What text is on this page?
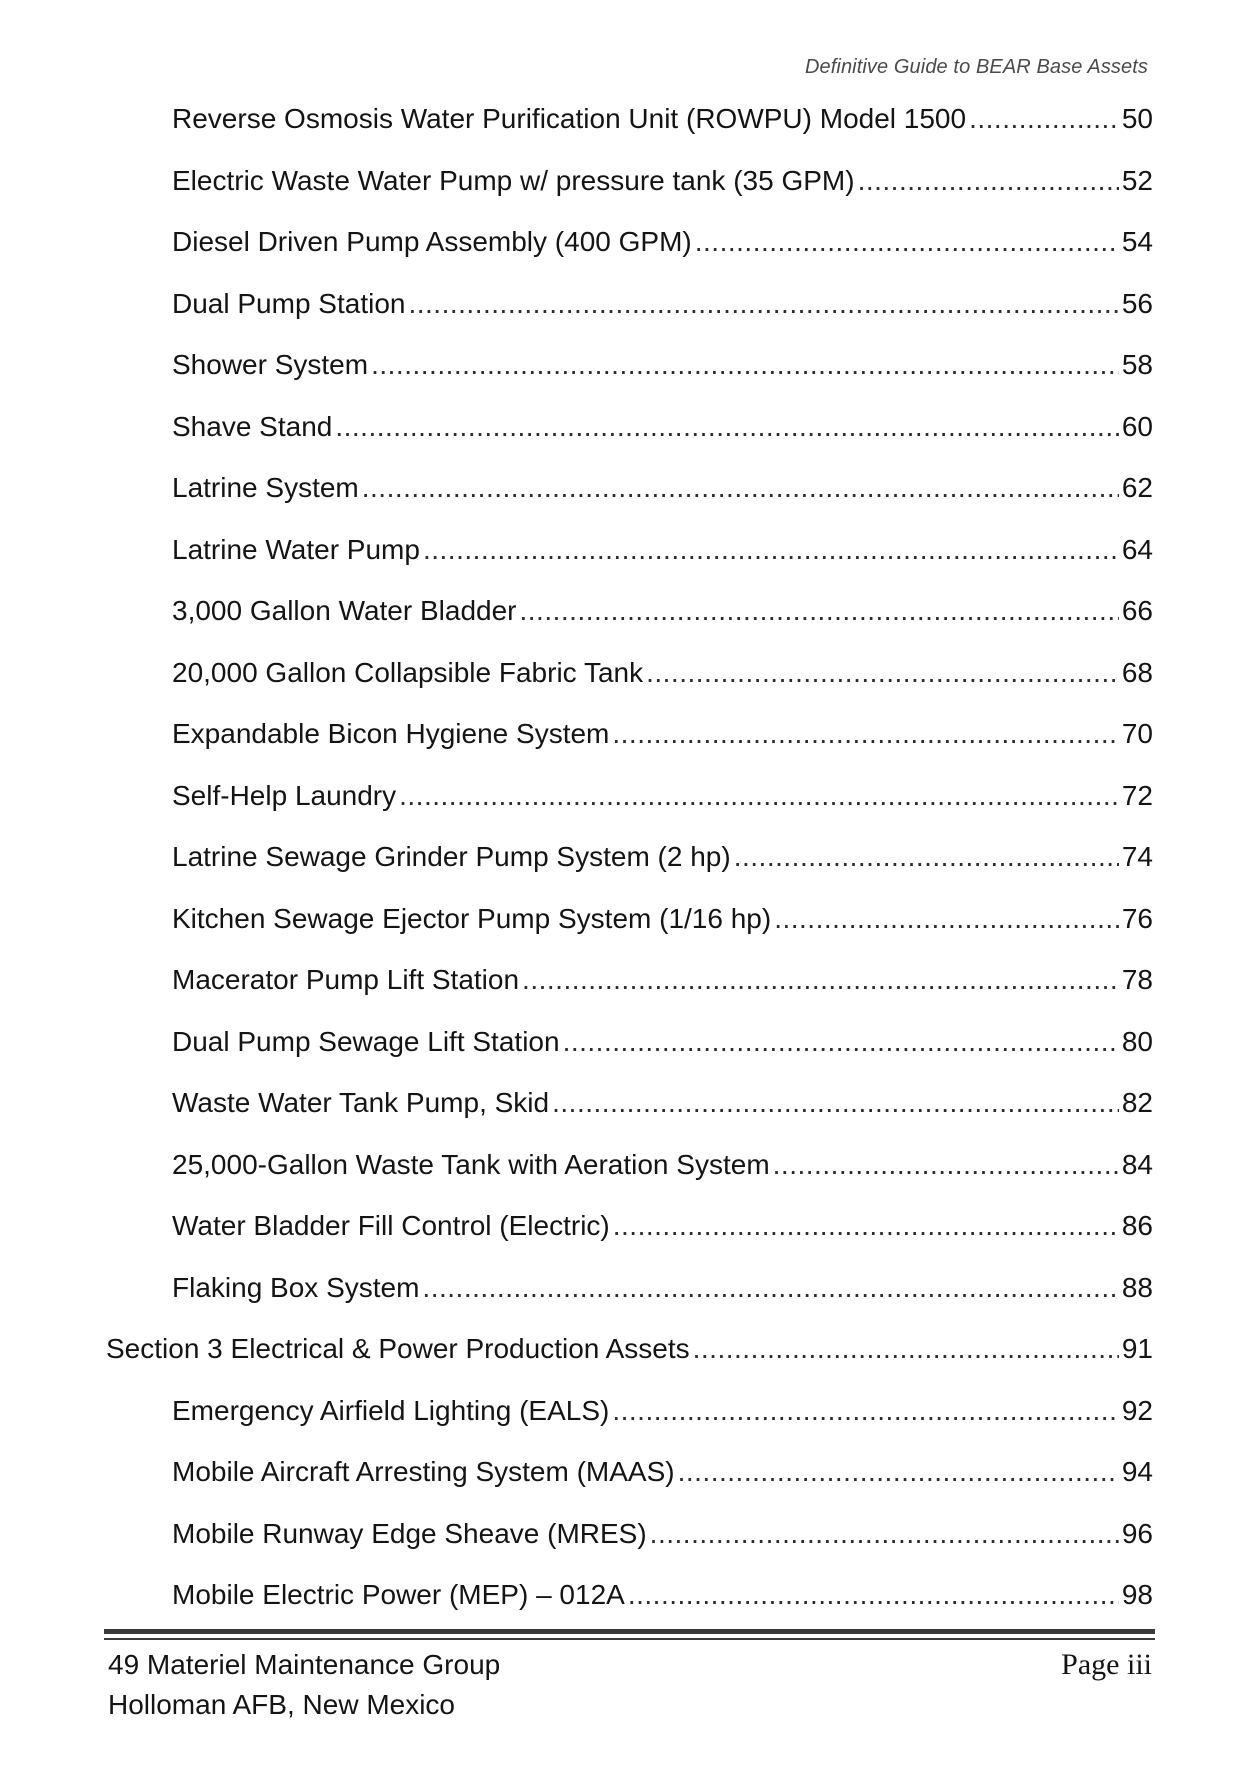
Definitive Guide to BEAR Base Assets
Reverse Osmosis Water Purification Unit (ROWPU) Model 1500 .....	50
Electric Waste Water Pump w/ pressure tank (35 GPM) .....	52
Diesel Driven Pump Assembly (400 GPM) .....	54
Dual Pump Station .....	56
Shower System .....	58
Shave Stand .....	60
Latrine System .....	62
Latrine Water Pump .....	64
3,000 Gallon Water Bladder .....	66
20,000 Gallon Collapsible Fabric Tank .....	68
Expandable Bicon Hygiene System .....	70
Self-Help Laundry .....	72
Latrine Sewage Grinder Pump System (2 hp) .....	74
Kitchen Sewage Ejector Pump System (1/16 hp) .....	76
Macerator Pump Lift Station .....	78
Dual Pump Sewage Lift Station .....	80
Waste Water Tank Pump, Skid .....	82
25,000-Gallon Waste Tank with Aeration System .....	84
Water Bladder Fill Control (Electric) .....	86
Flaking Box System .....	88
Section 3 Electrical & Power Production Assets .....	91
Emergency Airfield Lighting (EALS) .....	92
Mobile Aircraft Arresting System (MAAS) .....	94
Mobile Runway Edge Sheave (MRES) .....	96
Mobile Electric Power (MEP) – 012A .....	98
49 Materiel Maintenance Group
Holloman AFB, New Mexico
Page iii
